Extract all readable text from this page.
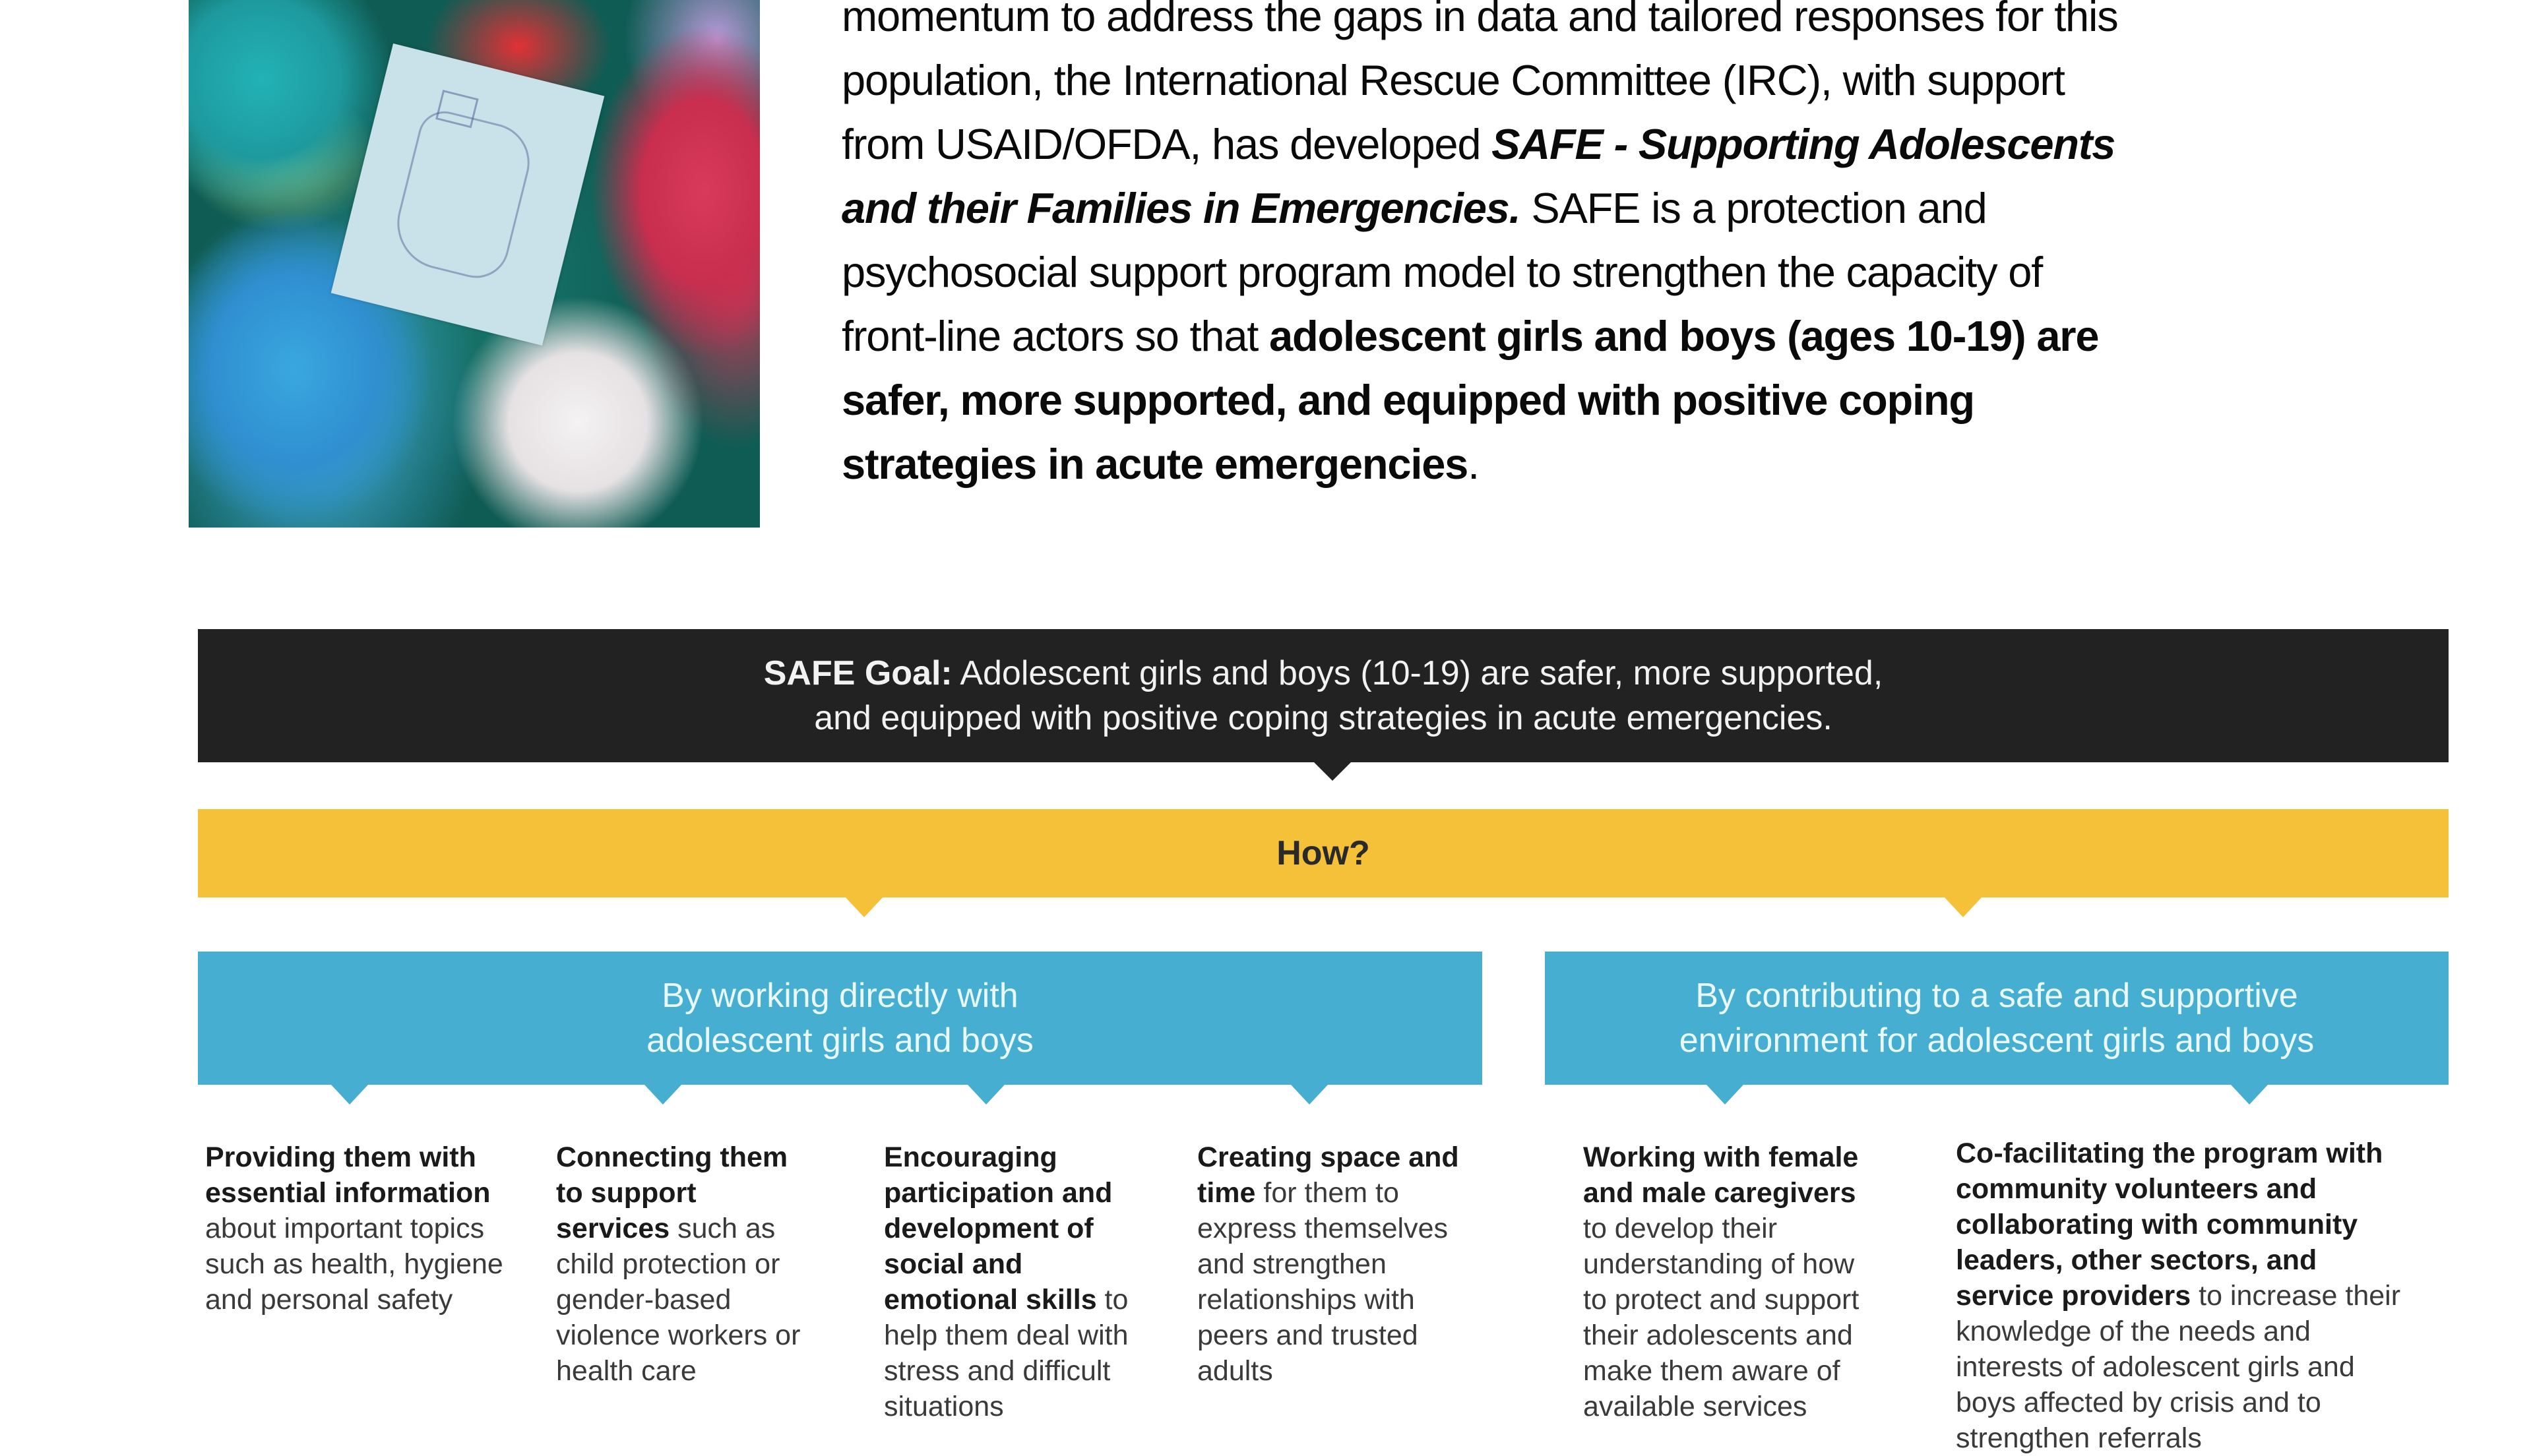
momentum to address the gaps in data and tailored responses for this

population, the International Rescue Committee (IRC), with support

from USAID/OFDA, has developed SAFE - Supporting Adolescents

and their Families in Emergencies. SAFE is a protection and

psychosocial support program model to strengthen the capacity of

front-line actors so that adolescent girls and boys (ages 10-19) are

safer, more supported, and equipped with positive coping

strategies in acute emergencies.

SAFE Goal: Adolescent girls and boys (10-19) are safer, more supported,
and equipped with positive coping strategies in acute emergencies.
How?
By working directly with
adolescent girls and boys
By contributing to a safe and supportive
environment for adolescent girls and boys
Providing them with
essential information
about important topics
such as health, hygiene
and personal safety
Connecting them
to support
services such as
child protection or
gender-based
violence workers or
health care
Encouraging
participation and
development of
social and
emotional skills to
help them deal with
stress and difficult
situations
Creating space and
time for them to
express themselves
and strengthen
relationships with
peers and trusted
adults
Working with female
and male caregivers
to develop their
understanding of how
to protect and support
their adolescents and
make them aware of
available services
Co-facilitating the program with
community volunteers and
collaborating with community
leaders, other sectors, and
service providers to increase their
knowledge of the needs and
interests of adolescent girls and
boys affected by crisis and to
strengthen referrals
